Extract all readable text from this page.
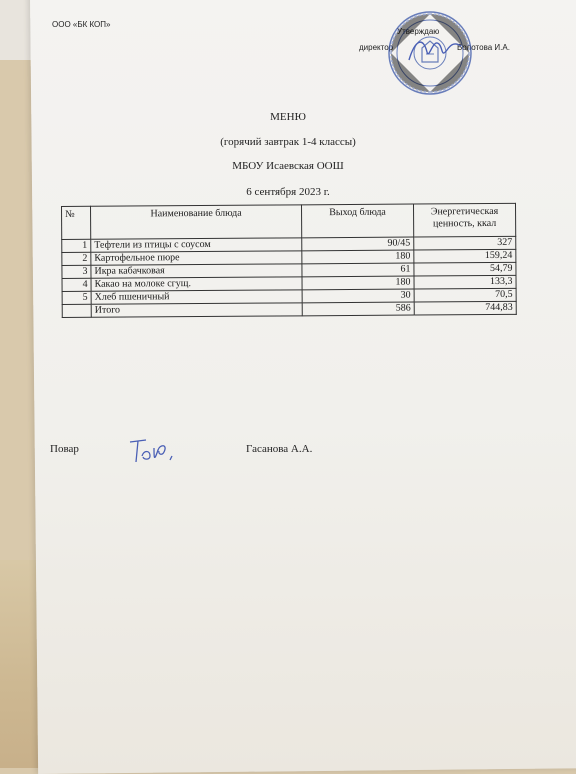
ООО «БК КОП»
Утверждаю
директор	Болотова И.А.
МЕНЮ
(горячий завтрак 1-4 классы)
МБОУ Исаевская ООШ
6 сентября 2023 г.
№	Наименование блюда	Выход блюда	Энергетическая ценность, ккал
1	Тефтели из птицы с соусом	90/45	327
2	Картофельное пюре	180	159,24
3	Икра кабачковая	61	54,79
4	Какао на молоке сгущ.	180	133,3
5	Хлеб пшеничный	30	70,5
	Итого	586	744,83
Повар	Гасанова А.А.
